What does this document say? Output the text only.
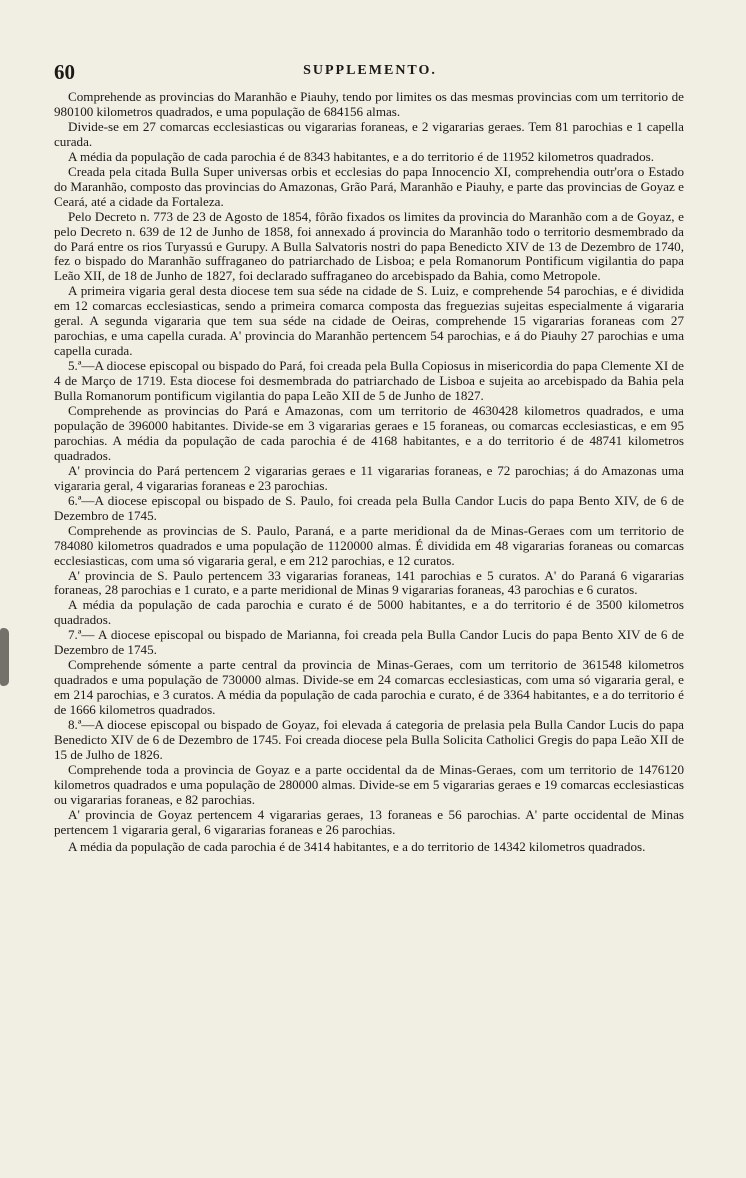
60	SUPPLEMENTO.

Comprehende as provincias do Maranhão e Piauhy, tendo por limites os das mesmas provincias com um territorio de 980100 kilometros quadrados, e uma população de 684156 almas.

Divide-se em 27 comarcas ecclesiasticas ou vigararias foraneas, e 2 vigararias geraes. Tem 81 parochias e 1 capella curada.

A média da população de cada parochia é de 8343 habitantes, e a do territorio é de 11952 kilometros quadrados.

Creada pela citada Bulla Super universas orbis et ecclesias do papa Innocencio XI, comprehendia outr'ora o Estado do Maranhão, composto das provincias do Amazonas, Grão Pará, Maranhão e Piauhy, e parte das provincias de Goyaz e Ceará, até a cidade da Fortaleza.

Pelo Decreto n. 773 de 23 de Agosto de 1854, fôrão fixados os limites da provincia do Maranhão com a de Goyaz, e pelo Decreto n. 639 de 12 de Junho de 1858, foi annexado á provincia do Maranhão todo o territorio desmembrado da do Pará entre os rios Turyassú e Gurupy. A Bulla Salvatoris nostri do papa Benedicto XIV de 13 de Dezembro de 1740, fez o bispado do Maranhão suffraganeo do patriarchado de Lisboa; e pela Romanorum Pontificum vigilantia do papa Leão XII, de 18 de Junho de 1827, foi declarado suffraganeo do arcebispado da Bahia, como Metropole.

A primeira vigaria geral desta diocese tem sua séde na cidade de S. Luiz, e comprehende 54 parochias, e é dividida em 12 comarcas ecclesiasticas, sendo a primeira comarca composta das freguezias sujeitas especialmente á vigararia geral. A segunda vigararia que tem sua séde na cidade de Oeiras, comprehende 15 vigararias foraneas com 27 parochias, e uma capella curada. A' provincia do Maranhão pertencem 54 parochias, e á do Piauhy 27 parochias e uma capella curada.

5.ª—A diocese episcopal ou bispado do Pará, foi creada pela Bulla Copiosus in misericordia do papa Clemente XI de 4 de Março de 1719. Esta diocese foi desmembrada do patriarchado de Lisboa e sujeita ao arcebispado da Bahia pela Bulla Romanorum pontificum vigilantia do papa Leão XII de 5 de Junho de 1827.

Comprehende as provincias do Pará e Amazonas, com um territorio de 4630428 kilometros quadrados, e uma população de 396000 habitantes. Divide-se em 3 vigararias geraes e 15 foraneas, ou comarcas ecclesiasticas, e em 95 parochias. A média da população de cada parochia é de 4168 habitantes, e a do territorio é de 48741 kilometros quadrados.

A' provincia do Pará pertencem 2 vigararias geraes e 11 vigararias foraneas, e 72 parochias; á do Amazonas uma vigararia geral, 4 vigararias foraneas e 23 parochias.

6.ª—A diocese episcopal ou bispado de S. Paulo, foi creada pela Bulla Candor Lucis do papa Bento XIV, de 6 de Dezembro de 1745.

Comprehende as provincias de S. Paulo, Paraná, e a parte meridional da de Minas-Geraes com um territorio de 784080 kilometros quadrados e uma população de 1120000 almas. É dividida em 48 vigararias foraneas ou comarcas ecclesiasticas, com uma só vigararia geral, e em 212 parochias, e 12 curatos.

A' provincia de S. Paulo pertencem 33 vigararias foraneas, 141 parochias e 5 curatos. A' do Paraná 6 vigararias foraneas, 28 parochias e 1 curato, e a parte meridional de Minas 9 vigararias foraneas, 43 parochias e 6 curatos.

A média da população de cada parochia e curato é de 5000 habitantes, e a do territorio é de 3500 kilometros quadrados.

7.ª— A diocese episcopal ou bispado de Marianna, foi creada pela Bulla Candor Lucis do papa Bento XIV de 6 de Dezembro de 1745.

Comprehende sómente a parte central da provincia de Minas-Geraes, com um territorio de 361548 kilometros quadrados e uma população de 730000 almas. Divide-se em 24 comarcas ecclesiasticas, com uma só vigararia geral, e em 214 parochias, e 3 curatos. A média da população de cada parochia e curato, é de 3364 habitantes, e a do territorio é de 1666 kilometros quadrados.

8.ª—A diocese episcopal ou bispado de Goyaz, foi elevada á categoria de prelasia pela Bulla Candor Lucis do papa Benedicto XIV de 6 de Dezembro de 1745. Foi creada diocese pela Bulla Solicita Catholici Gregis do papa Leão XII de 15 de Julho de 1826.

Comprehende toda a provincia de Goyaz e a parte occidental da de Minas-Geraes, com um territorio de 1476120 kilometros quadrados e uma população de 280000 almas. Divide-se em 5 vigararias geraes e 19 comarcas ecclesiasticas ou vigararias foraneas, e 82 parochias.

A' provincia de Goyaz pertencem 4 vigararias geraes, 13 foraneas e 56 parochias. A' parte occidental de Minas pertencem 1 vigararia geral, 6 vigararias foraneas e 26 parochias.

A média da população de cada parochia é de 3414 habitantes, e a do territorio de 14342 kilometros quadrados.
